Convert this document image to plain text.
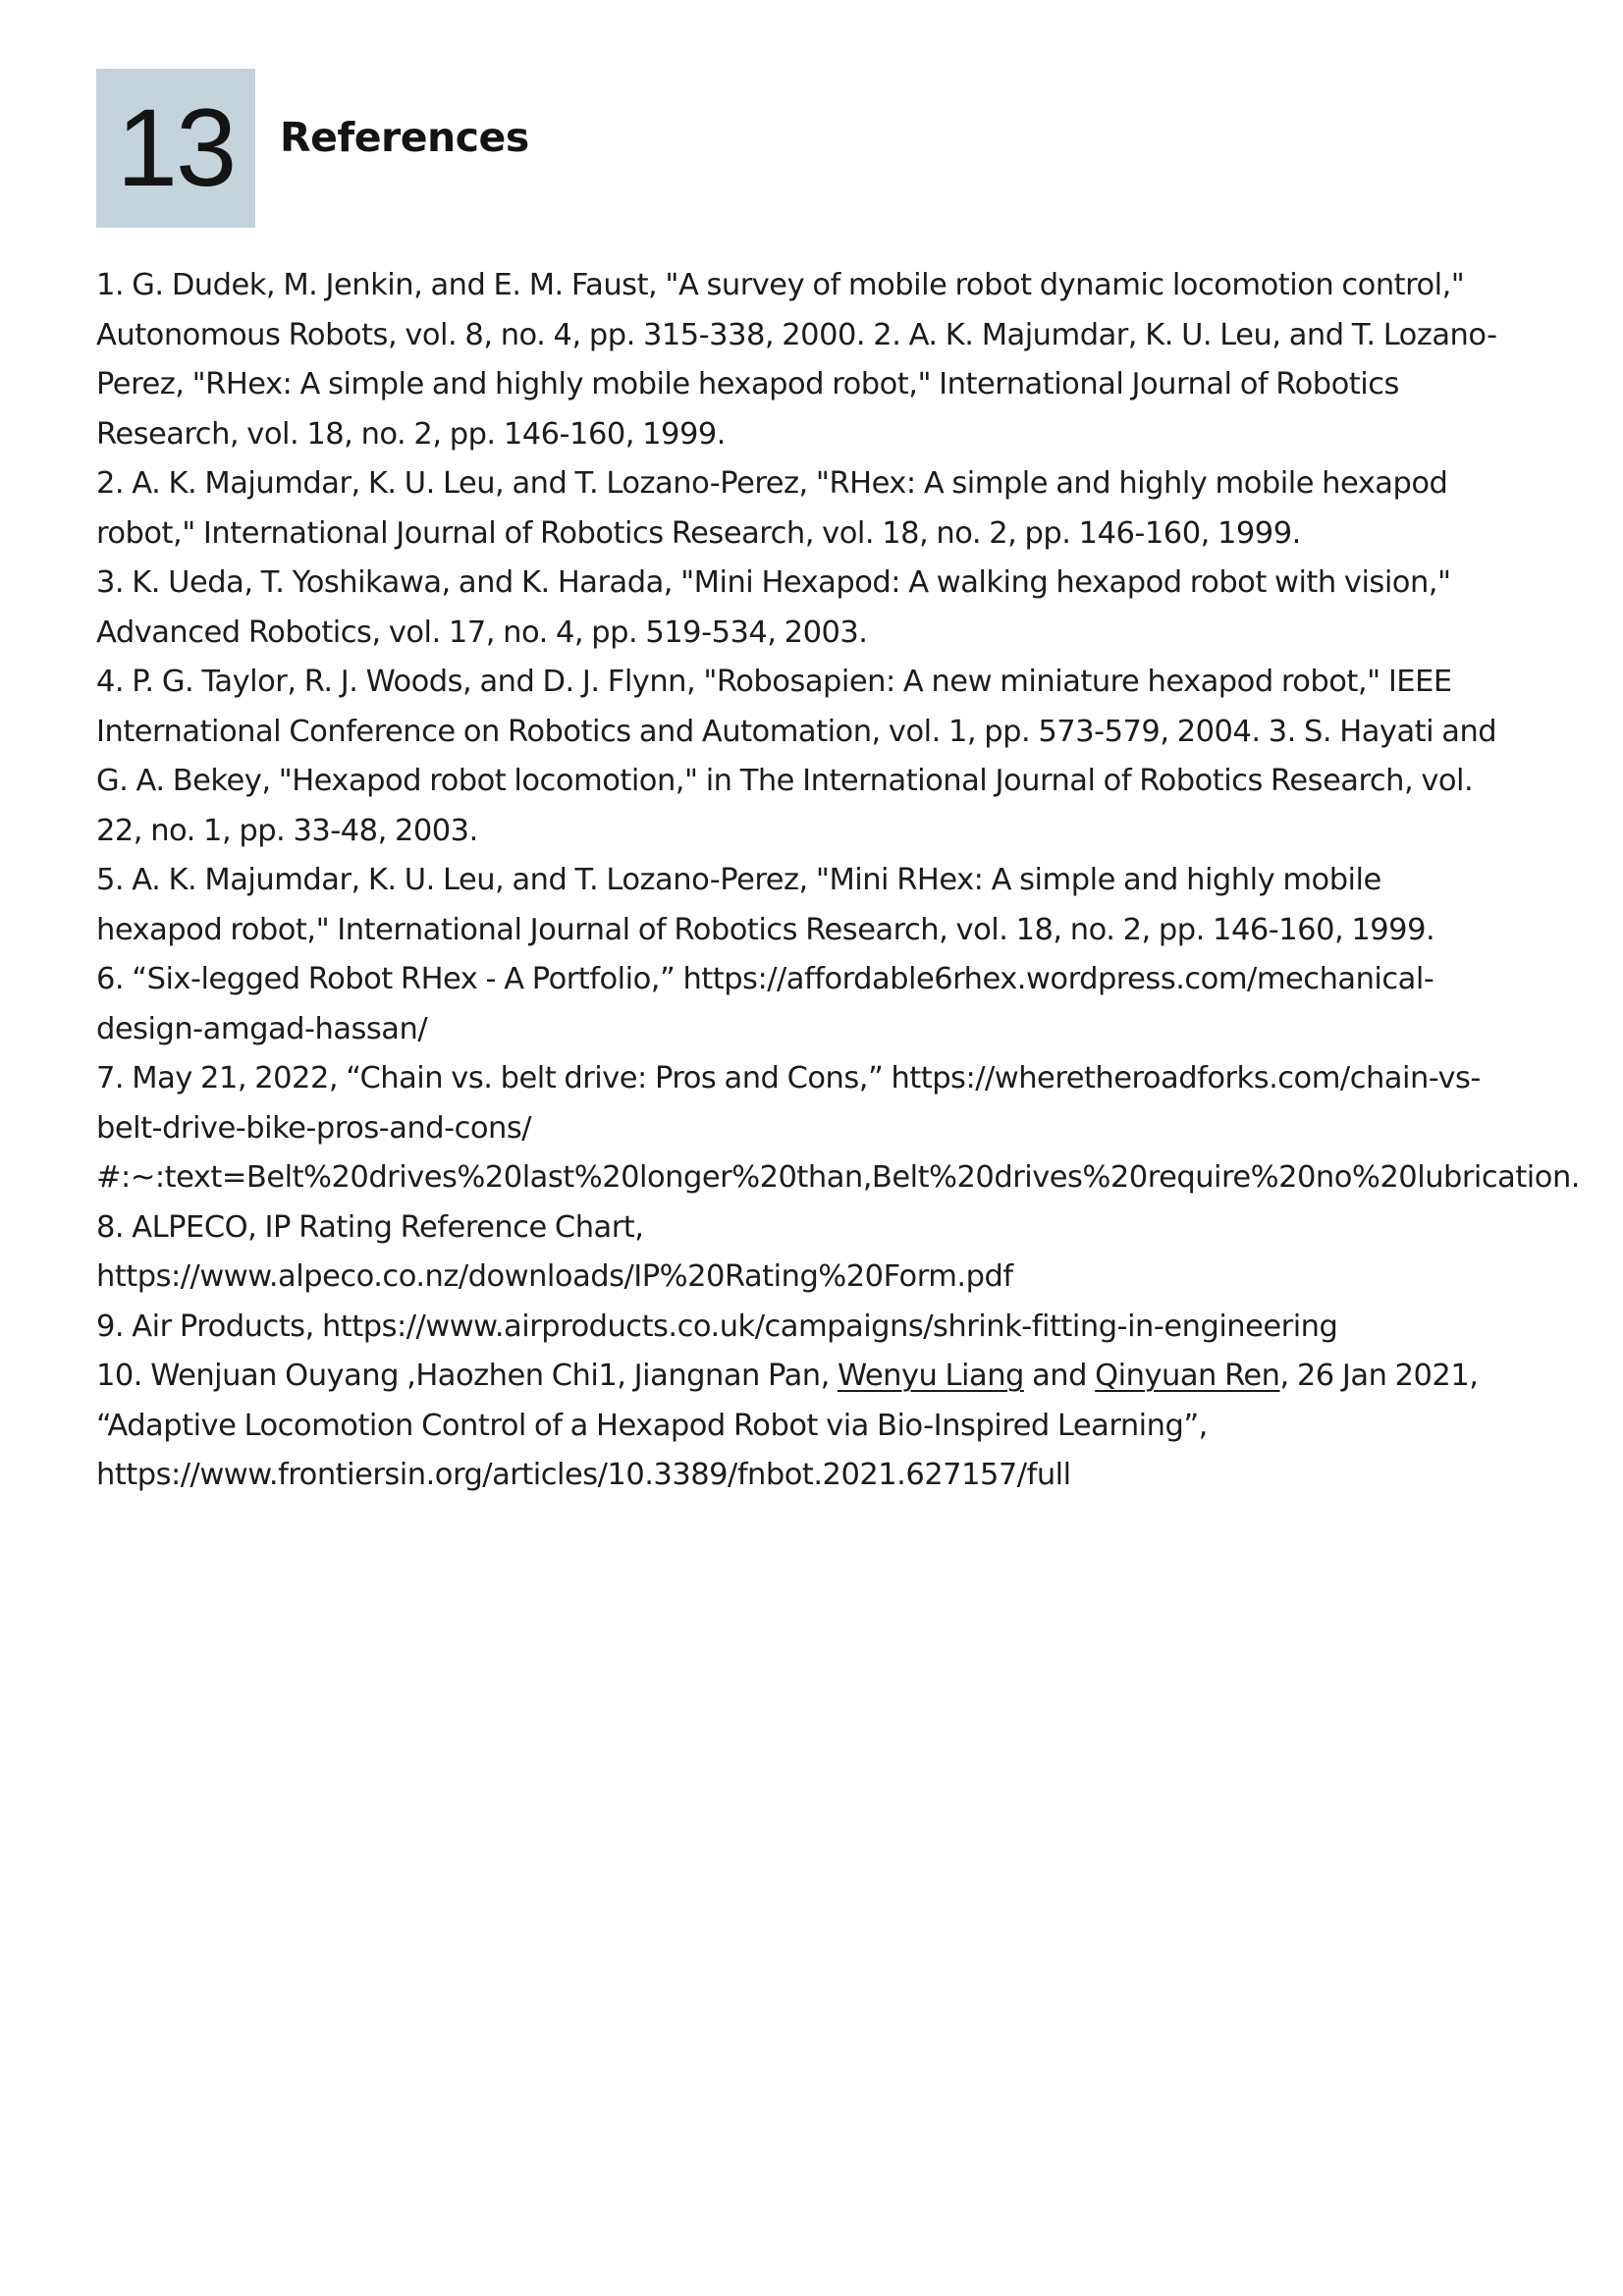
13	References
1. G. Dudek, M. Jenkin, and E. M. Faust, "A survey of mobile robot dynamic locomotion control," Autonomous Robots, vol. 8, no. 4, pp. 315-338, 2000. 2. A. K. Majumdar, K. U. Leu, and T. Lozano-Perez, "RHex: A simple and highly mobile hexapod robot," International Journal of Robotics Research, vol. 18, no. 2, pp. 146-160, 1999.
2. A. K. Majumdar, K. U. Leu, and T. Lozano-Perez, "RHex: A simple and highly mobile hexapod robot," International Journal of Robotics Research, vol. 18, no. 2, pp. 146-160, 1999.
3. K. Ueda, T. Yoshikawa, and K. Harada, "Mini Hexapod: A walking hexapod robot with vision," Advanced Robotics, vol. 17, no. 4, pp. 519-534, 2003.
4. P. G. Taylor, R. J. Woods, and D. J. Flynn, "Robosapien: A new miniature hexapod robot," IEEE International Conference on Robotics and Automation, vol. 1, pp. 573-579, 2004. 3. S. Hayati and G. A. Bekey, "Hexapod robot locomotion," in The International Journal of Robotics Research, vol. 22, no. 1, pp. 33-48, 2003.
5. A. K. Majumdar, K. U. Leu, and T. Lozano-Perez, "Mini RHex: A simple and highly mobile hexapod robot," International Journal of Robotics Research, vol. 18, no. 2, pp. 146-160, 1999.
6. “Six-legged Robot RHex - A Portfolio,” https://affordable6rhex.wordpress.com/mechanical-design-amgad-hassan/
7. May 21, 2022, “Chain vs. belt drive: Pros and Cons,” https://wheretheroadforks.com/chain-vs-belt-drive-bike-pros-and-cons/
#:~:text=Belt%20drives%20last%20longer%20than,Belt%20drives%20require%20no%20lubrication.
8. ALPECO, IP Rating Reference Chart, https://www.alpeco.co.nz/downloads/IP%20Rating%20Form.pdf
9. Air Products, https://www.airproducts.co.uk/campaigns/shrink-fitting-in-engineering
10. Wenjuan Ouyang ,Haozhen Chi1, Jiangnan Pan, Wenyu Liang and Qinyuan Ren, 26 Jan 2021, “Adaptive Locomotion Control of a Hexapod Robot via Bio-Inspired Learning”, https://www.frontiersin.org/articles/10.3389/fnbot.2021.627157/full
